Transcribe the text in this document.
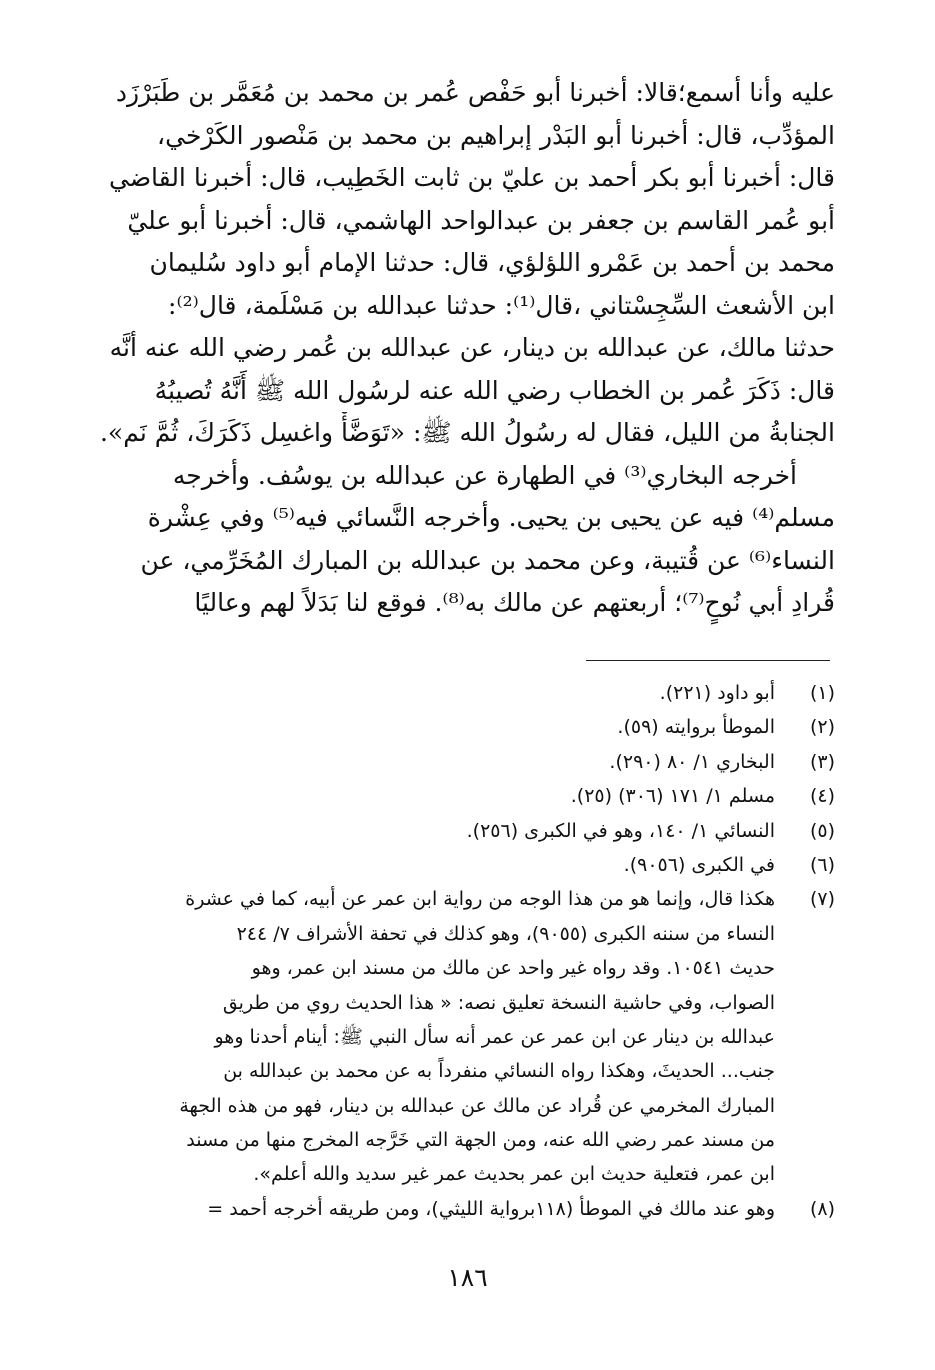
عليه وأنا أسمع؛قالا: أخبرنا أبو حَفْص عُمر بن محمد بن مُعَمَّر بن طَبَرْزَد
المؤدِّب، قال: أخبرنا أبو البَدْر إبراهيم بن محمد بن مَنْصور الكَرْخي،
قال: أخبرنا أبو بكر أحمد بن عليّ بن ثابت الخَطِيب، قال: أخبرنا القاضي
أبو عُمر القاسم بن جعفر بن عبدالواحد الهاشمي، قال: أخبرنا أبو عليّ
محمد بن أحمد بن عَمْرو اللؤلؤي، قال: حدثنا الإمام أبو داود سُليمان
ابن الأشعث السِّجِسْتاني ،قال⁽¹⁾: حدثنا عبدالله بن مَسْلَمة، قال⁽²⁾:
حدثنا مالك، عن عبدالله بن دينار، عن عبدالله بن عُمر رضي الله عنه أنَّه
قال: ذَكَرَ عُمر بن الخطاب رضي الله عنه لرسُول الله ﷺ أَنَّهُ تُصيبُهُ
الجنابةُ من الليل، فقال له رسُولُ الله ﷺ: «تَوَضَّأْ واغسِل ذَكَرَكَ، ثُمَّ نَم».
أخرجه البخاري⁽³⁾ في الطهارة عن عبدالله بن يوسُف. وأخرجه
مسلم⁽⁴⁾ فيه عن يحيى بن يحيى. وأخرجه النَّسائي فيه⁽⁵⁾ وفي عِشْرة
النساء⁽⁶⁾ عن قُتيبة، وعن محمد بن عبدالله بن المبارك المُخَرِّمي، عن
قُرادِ أبي نُوحٍ⁽⁷⁾؛ أربعتهم عن مالك به⁽⁸⁾. فوقع لنا بَدَلاً لهم وعاليًا
(١)
أبو داود (٢٢١).
(٢)
الموطأ بروايته (٥٩).
(٣)
البخاري ١/ ٨٠ (٢٩٠).
(٤)
مسلم ١/ ١٧١ (٣٠٦) (٢٥).
(٥)
النسائي ١/ ١٤٠، وهو في الكبرى (٢٥٦).
(٦)
في الكبرى (٩٠٥٦).
(٧)
هكذا قال، وإنما هو من هذا الوجه من رواية ابن عمر عن أبيه، كما في عشرة
النساء من سننه الكبرى (٩٠٥٥)، وهو كذلك في تحفة الأشراف ٧/ ٢٤٤
حديث ١٠٥٤١. وقد رواه غير واحد عن مالك من مسند ابن عمر، وهو
الصواب، وفي حاشية النسخة تعليق نصه: « هذا الحديث روي من طريق
عبدالله بن دينار عن ابن عمر عن عمر أنه سأل النبي ﷺ: أينام أحدنا وهو
جنب... الحديثَ، وهكذا رواه النسائي منفرداً به عن محمد بن عبدالله بن
المبارك المخرمي عن قُراد عن مالك عن عبدالله بن دينار، فهو من هذه الجهة
من مسند عمر رضي الله عنه، ومن الجهة التي خَرَّجه المخرج منها من مسند
ابن عمر، فتعلية حديث ابن عمر بحديث عمر غير سديد والله أعلم».
(٨)
وهو عند مالك في الموطأ (١١٨برواية الليثي)، ومن طريقه أخرجه أحمد =
١٨٦
